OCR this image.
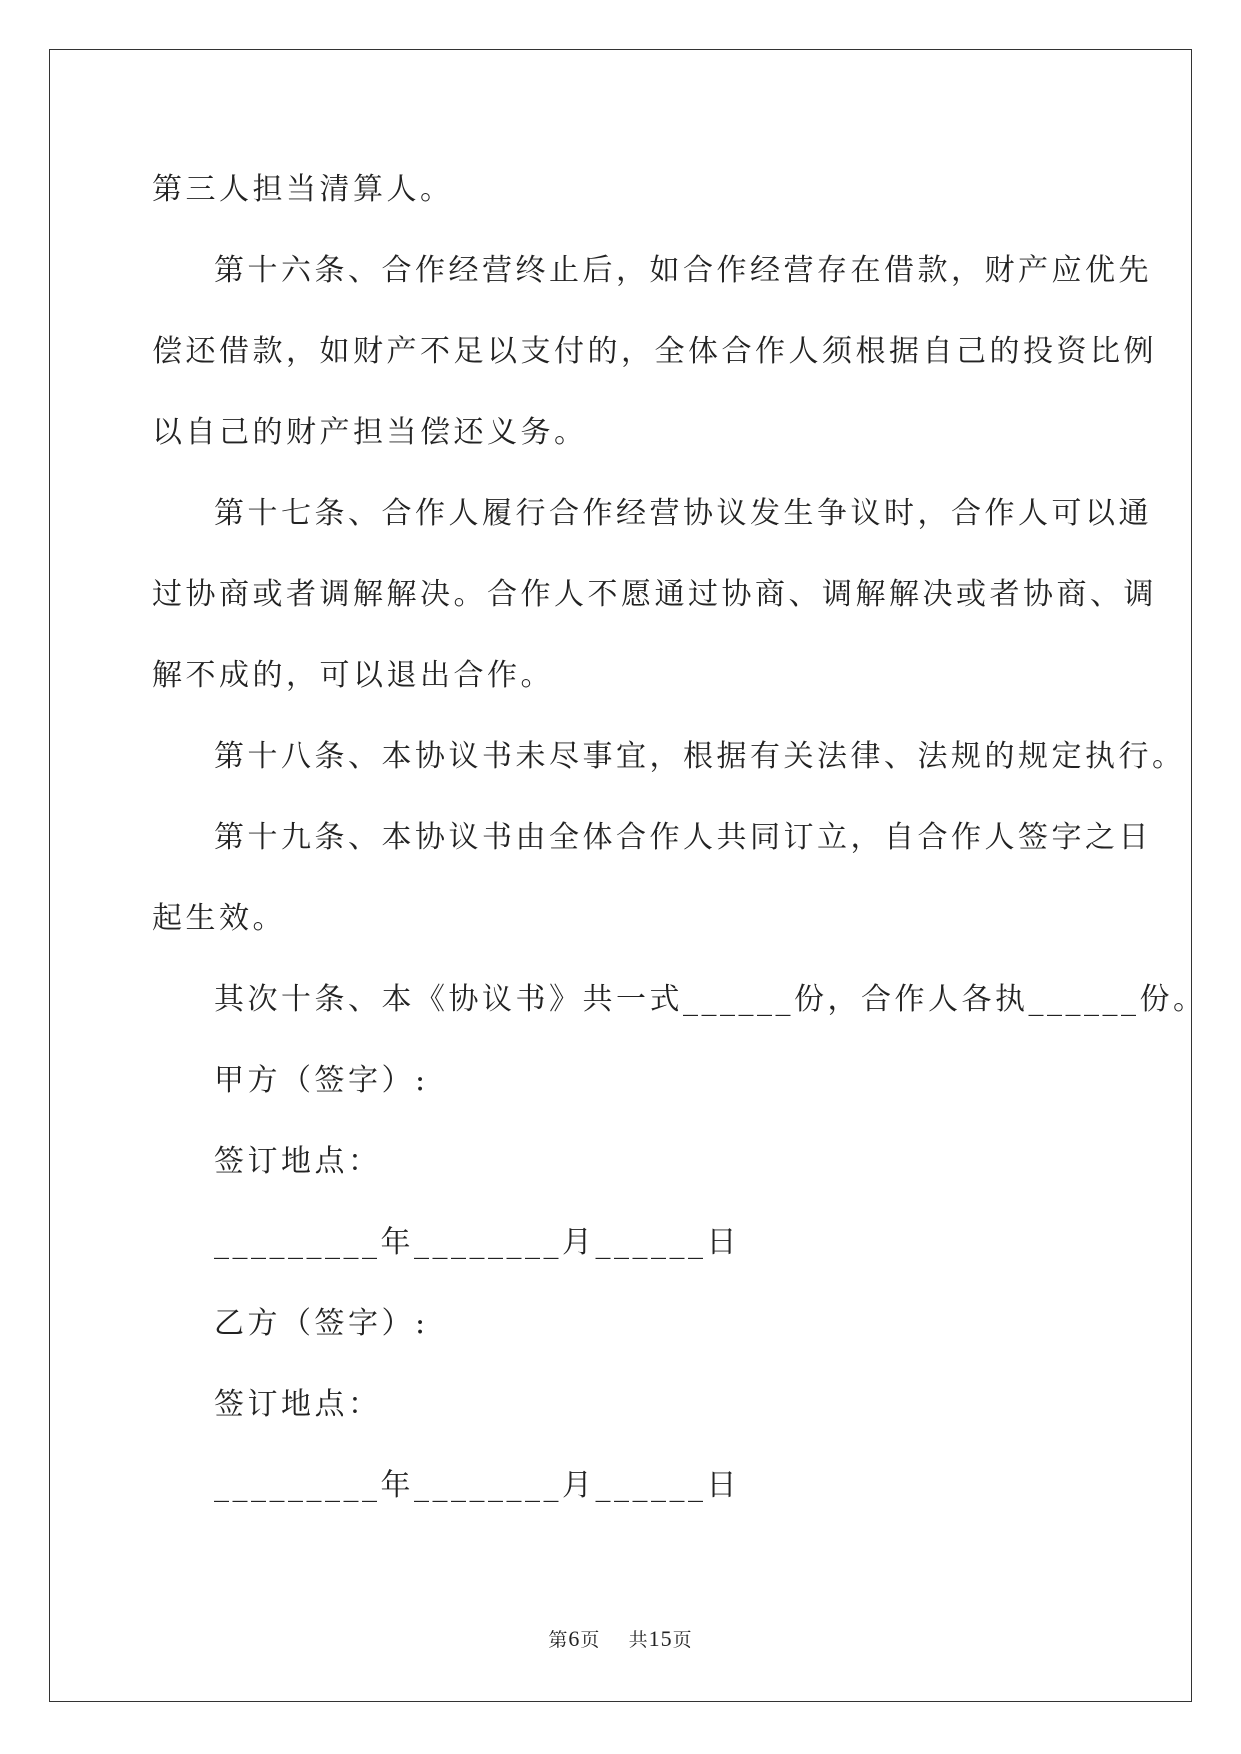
第三人担当清算人。
第十六条、合作经营终止后，如合作经营存在借款，财产应优先
偿还借款，如财产不足以支付的，全体合作人须根据自己的投资比例
以自己的财产担当偿还义务。
第十七条、合作人履行合作经营协议发生争议时，合作人可以通
过协商或者调解解决。合作人不愿通过协商、调解解决或者协商、调
解不成的，可以退出合作。
第十八条、本协议书未尽事宜，根据有关法律、法规的规定执行。
第十九条、本协议书由全体合作人共同订立，自合作人签字之日
起生效。
其次十条、本《协议书》共一式______份，合作人各执______份。
甲方（签字）:
签订地点：
_________年________月______日
乙方（签字）:
签订地点：
_________年________月______日
第6页 共15页
